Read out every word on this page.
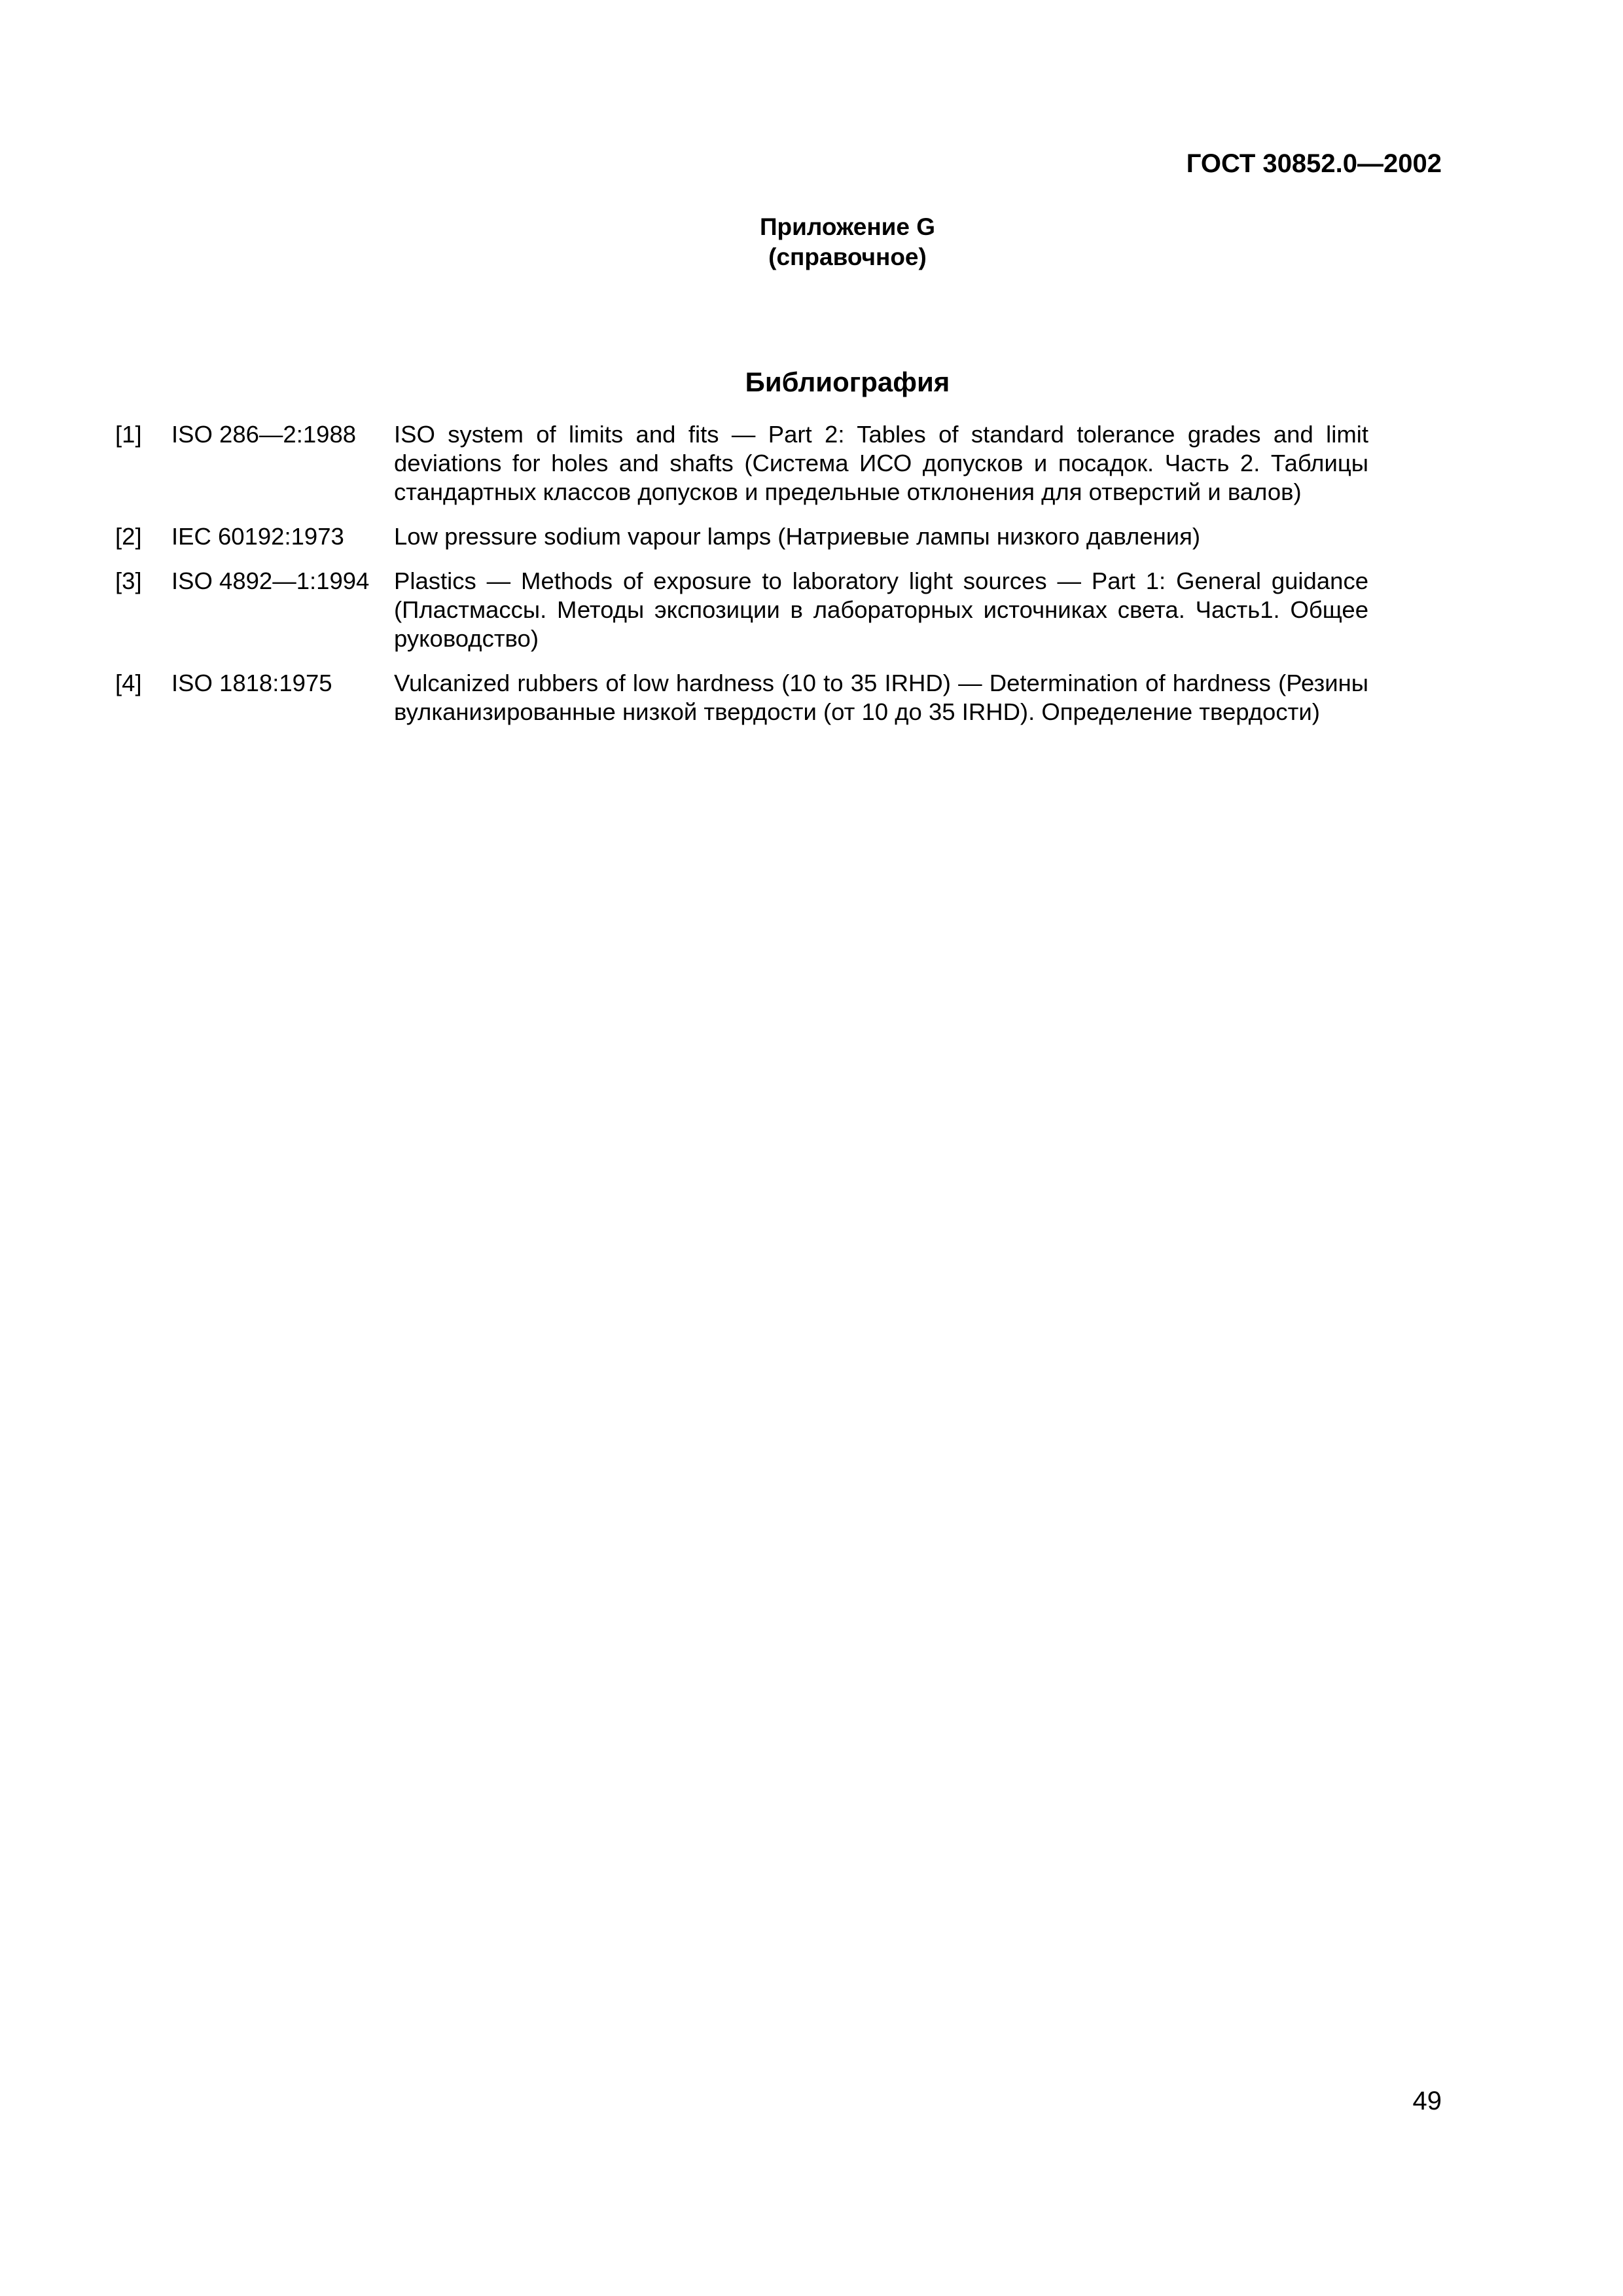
ГОСТ 30852.0—2002
Приложение G
(справочное)
Библиография
[1] ISO 286—2:1988 ISO system of limits and fits — Part 2: Tables of standard tolerance grades and limit deviations for holes and shafts (Система ИСО допусков и посадок. Часть 2. Таблицы стандартных классов допусков и предельные отклонения для отверстий и валов)
[2] IEC 60192:1973 Low pressure sodium vapour lamps (Натриевые лампы низкого давления)
[3] ISO 4892—1:1994 Plastics — Methods of exposure to laboratory light sources — Part 1: General guidance (Пластмассы. Методы экспозиции в лабораторных источниках света. Часть1. Общее руководство)
[4] ISO 1818:1975	Vulcanized rubbers of low hardness (10 to 35 IRHD) — Determination of hardness (Резины вулканизированные низкой твердости (от 10 до 35 IRHD). Определение твердости)
49
